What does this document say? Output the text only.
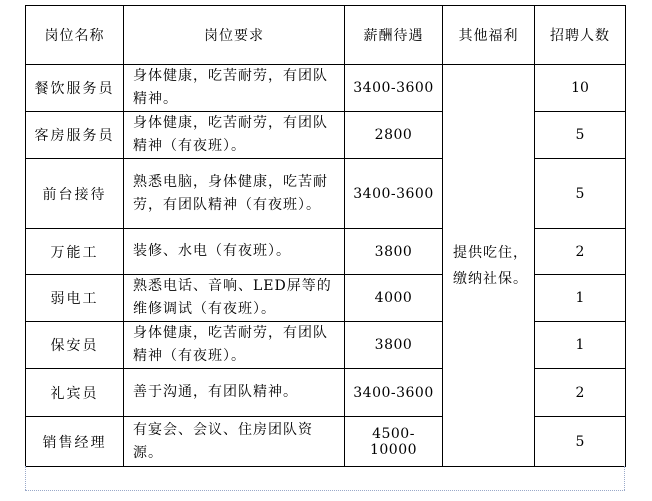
岗位名称	岗位要求	薪酬待遇	其他福利	招聘人数
餐饮服务员	身体健康，吃苦耐劳，有团队精神。	3400-3600	提供吃住，缴纳社保。	10
客房服务员	身体健康，吃苦耐劳，有团队精神（有夜班）。	2800		5
前台接待	熟悉电脑，身体健康，吃苦耐劳，有团队精神（有夜班）。	3400-3600		5
万能工	装修、水电（有夜班）。	3800		2
弱电工	熟悉电话、音响、LED屏等的维修调试（有夜班）。	4000		1
保安员	身体健康，吃苦耐劳，有团队精神（有夜班）。	3800		1
礼宾员	善于沟通，有团队精神。	3400-3600		2
销售经理	有宴会、会议、住房团队资源。	4500-10000		5
